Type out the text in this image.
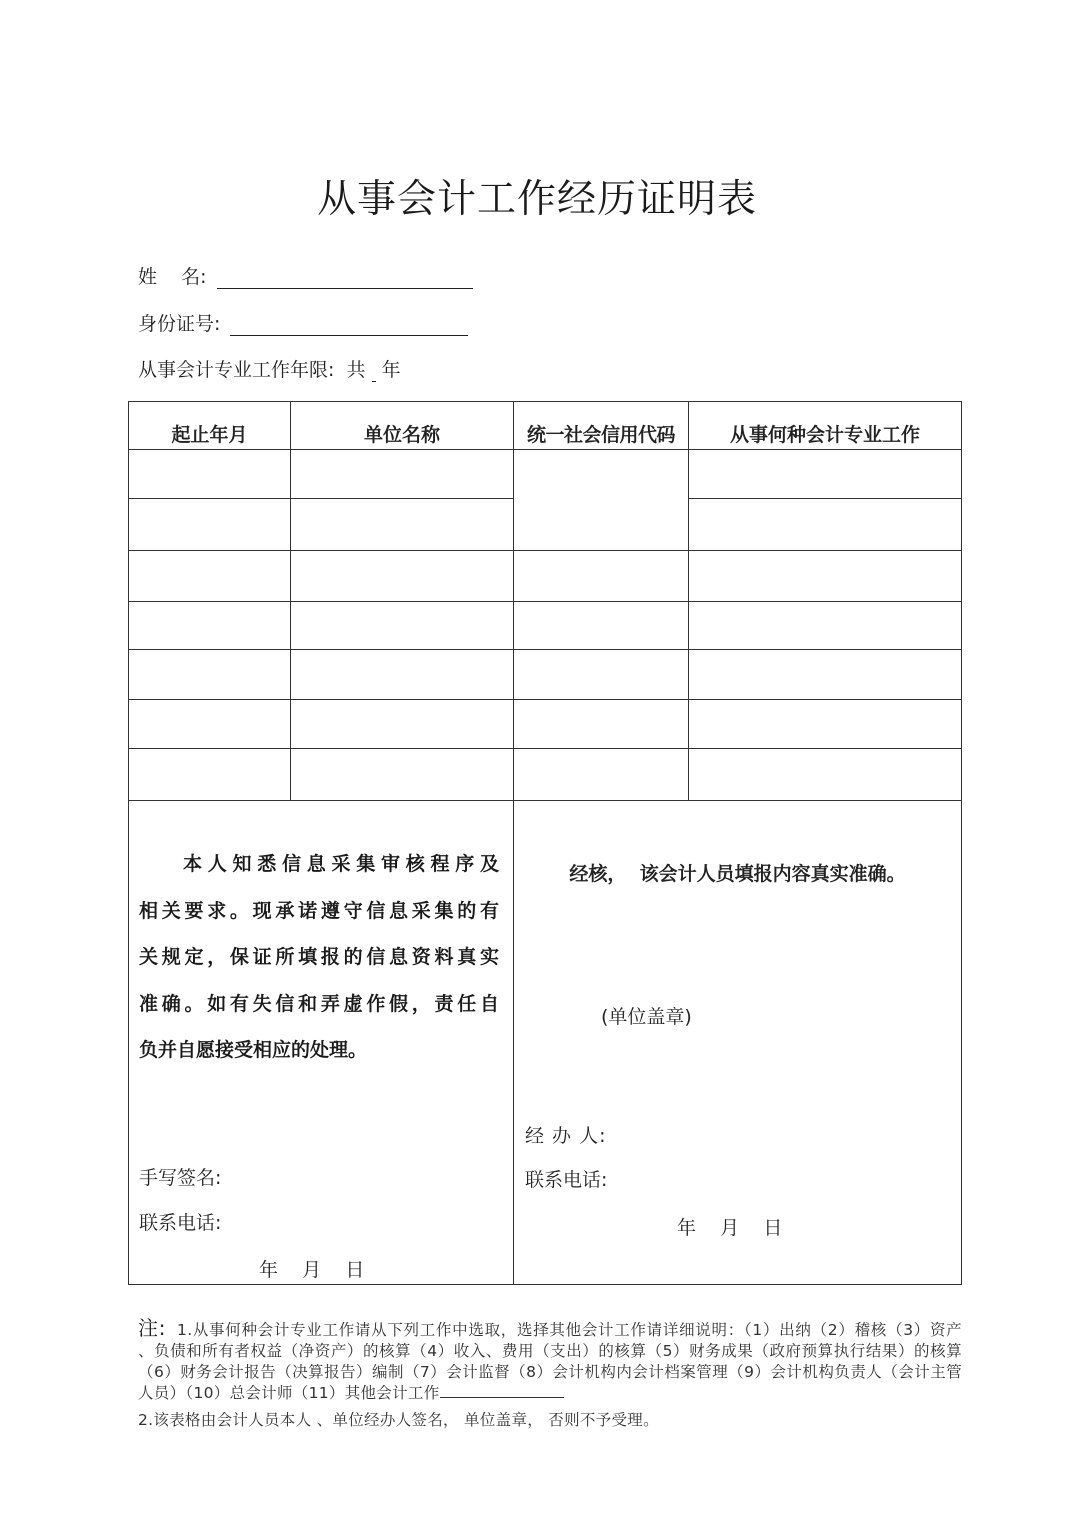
从事会计工作经历证明表
姓    名:
身份证号:
从事会计专业工作年限:  共 年
起止年月	单位名称	统一社会信用代码	从事何种会计专业工作
本人知悉信息采集审核程序及
相关要求。现承诺遵守信息采集的有
关规定，保证所填报的信息资料真实
准确。如有失信和弄虚作假，责任自
负并自愿接受相应的处理。
手写签名:
联系电话:
年    月    日
经核，  该会计人员填报内容真实准确。
(单位盖章)
经 办 人:
联系电话:
年    月    日
注: 1.从事何种会计专业工作请从下列工作中选取，选择其他会计工作请详细说明：（1）出纳（2）稽核（3）资产
、负债和所有者权益（净资产）的核算（4）收入、费用（支出）的核算（5）财务成果（政府预算执行结果）的核算
（6）财务会计报告（决算报告）编制（7）会计监督（8）会计机构内会计档案管理（9）会计机构负责人（会计主管
人员）（10）总会计师（11）其他会计工作
2.该表格由会计人员本人 、单位经办人签名， 单位盖章， 否则不予受理。
